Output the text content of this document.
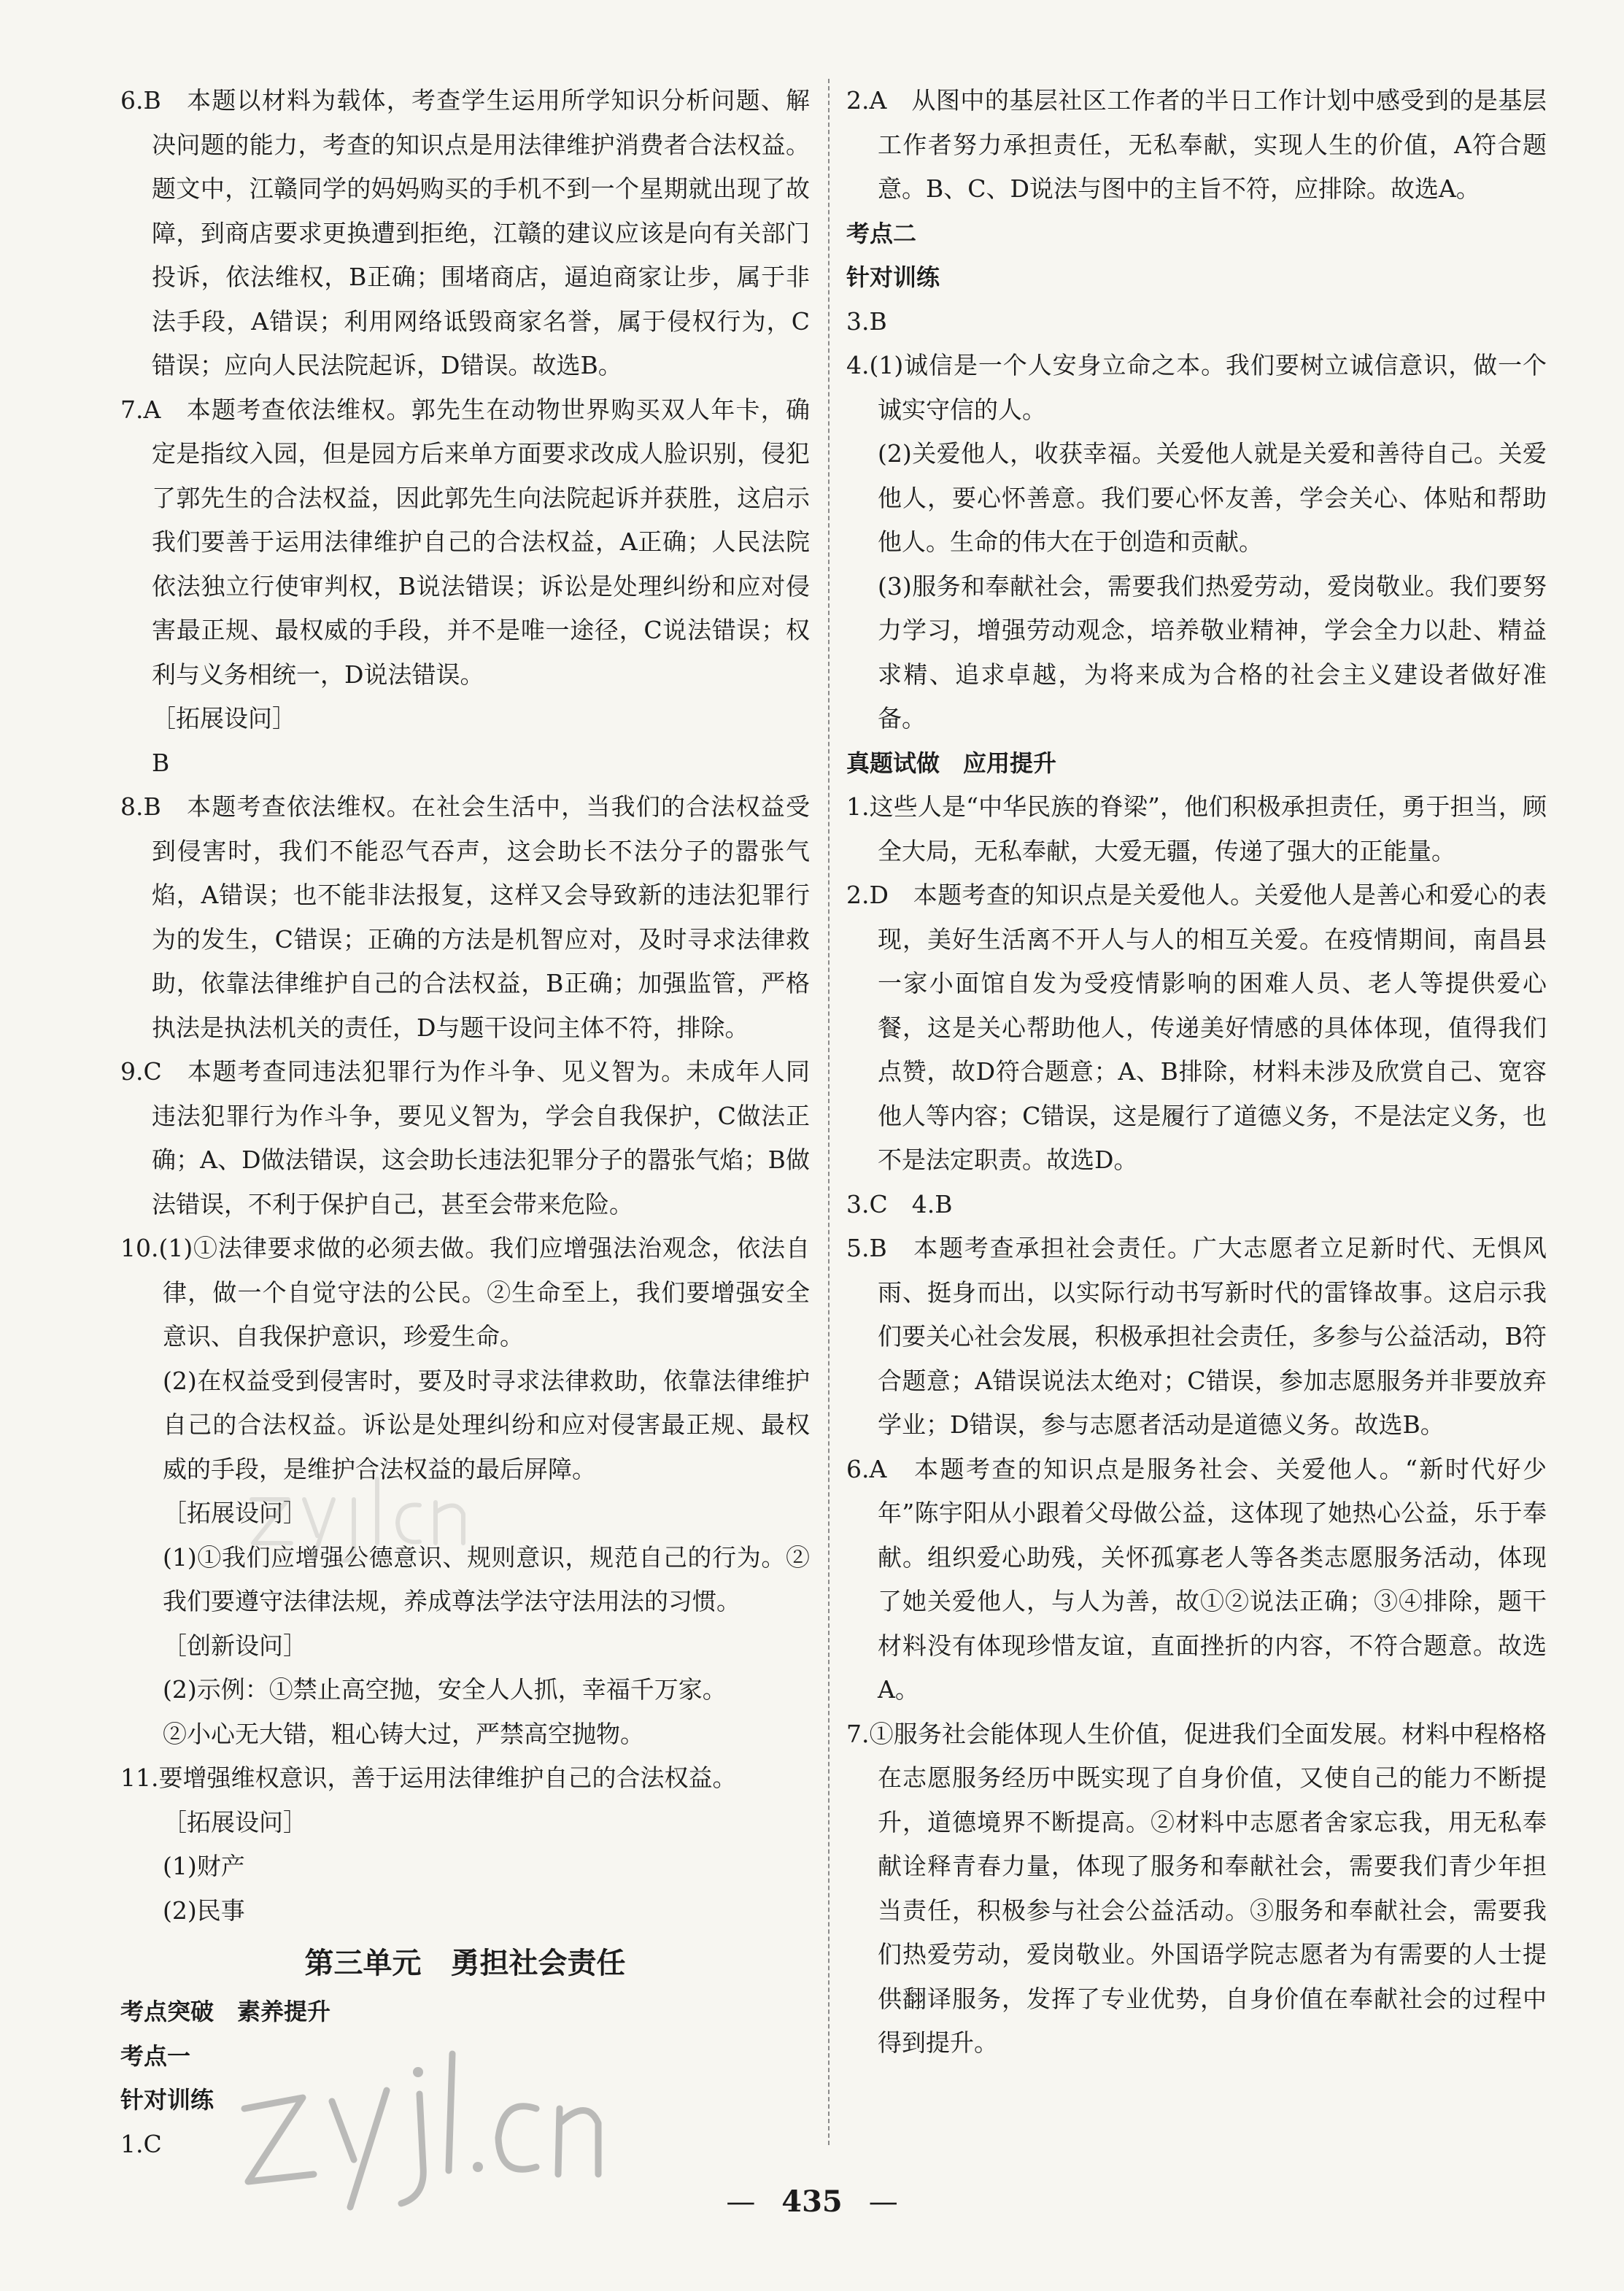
6.B　本题以材料为载体，考查学生运用所学知识分析问题、解决问题的能力，考查的知识点是用法律维护消费者合法权益。题文中，江赣同学的妈妈购买的手机不到一个星期就出现了故障，到商店要求更换遭到拒绝，江赣的建议应该是向有关部门投诉，依法维权，B正确；围堵商店，逼迫商家让步，属于非法手段，A错误；利用网络诋毁商家名誉，属于侵权行为，C错误；应向人民法院起诉，D错误。故选B。

7.A　本题考查依法维权。郭先生在动物世界购买双人年卡，确定是指纹入园，但是园方后来单方面要求改成人脸识别，侵犯了郭先生的合法权益，因此郭先生向法院起诉并获胜，这启示我们要善于运用法律维护自己的合法权益，A正确；人民法院依法独立行使审判权，B说法错误；诉讼是处理纠纷和应对侵害最正规、最权威的手段，并不是唯一途径，C说法错误；权利与义务相统一，D说法错误。

［拓展设问］

B

8.B　本题考查依法维权。在社会生活中，当我们的合法权益受到侵害时，我们不能忍气吞声，这会助长不法分子的嚣张气焰，A错误；也不能非法报复，这样又会导致新的违法犯罪行为的发生，C错误；正确的方法是机智应对，及时寻求法律救助，依靠法律维护自己的合法权益，B正确；加强监管，严格执法是执法机关的责任，D与题干设问主体不符，排除。

9.C　本题考查同违法犯罪行为作斗争、见义智为。未成年人同违法犯罪行为作斗争，要见义智为，学会自我保护，C做法正确；A、D做法错误，这会助长违法犯罪分子的嚣张气焰；B做法错误，不利于保护自己，甚至会带来危险。

10.(1)①法律要求做的必须去做。我们应增强法治观念，依法自律，做一个自觉守法的公民。②生命至上，我们要增强安全意识、自我保护意识，珍爱生命。

(2)在权益受到侵害时，要及时寻求法律救助，依靠法律维护自己的合法权益。诉讼是处理纠纷和应对侵害最正规、最权威的手段，是维护合法权益的最后屏障。

［拓展设问］

(1)①我们应增强公德意识、规则意识，规范自己的行为。②我们要遵守法律法规，养成尊法学法守法用法的习惯。

［创新设问］

(2)示例：①禁止高空抛，安全人人抓，幸福千万家。

②小心无大错，粗心铸大过，严禁高空抛物。

11.要增强维权意识，善于运用法律维护自己的合法权益。

［拓展设问］

(1)财产

(2)民事

第三单元　勇担社会责任

考点突破　素养提升

考点一

针对训练

1.C

2.A　从图中的基层社区工作者的半日工作计划中感受到的是基层工作者努力承担责任，无私奉献，实现人生的价值，A符合题意。B、C、D说法与图中的主旨不符，应排除。故选A。

考点二

针对训练

3.B

4.(1)诚信是一个人安身立命之本。我们要树立诚信意识，做一个诚实守信的人。

(2)关爱他人，收获幸福。关爱他人就是关爱和善待自己。关爱他人，要心怀善意。我们要心怀友善，学会关心、体贴和帮助他人。生命的伟大在于创造和贡献。

(3)服务和奉献社会，需要我们热爱劳动，爱岗敬业。我们要努力学习，增强劳动观念，培养敬业精神，学会全力以赴、精益求精、追求卓越，为将来成为合格的社会主义建设者做好准备。

真题试做　应用提升

1.这些人是“中华民族的脊梁”，他们积极承担责任，勇于担当，顾全大局，无私奉献，大爱无疆，传递了强大的正能量。

2.D　本题考查的知识点是关爱他人。关爱他人是善心和爱心的表现，美好生活离不开人与人的相互关爱。在疫情期间，南昌县一家小面馆自发为受疫情影响的困难人员、老人等提供爱心餐，这是关心帮助他人，传递美好情感的具体体现，值得我们点赞，故D符合题意；A、B排除，材料未涉及欣赏自己、宽容他人等内容；C错误，这是履行了道德义务，不是法定义务，也不是法定职责。故选D。

3.C　4.B

5.B　本题考查承担社会责任。广大志愿者立足新时代、无惧风雨、挺身而出，以实际行动书写新时代的雷锋故事。这启示我们要关心社会发展，积极承担社会责任，多参与公益活动，B符合题意；A错误说法太绝对；C错误，参加志愿服务并非要放弃学业；D错误，参与志愿者活动是道德义务。故选B。

6.A　本题考查的知识点是服务社会、关爱他人。“新时代好少年”陈宇阳从小跟着父母做公益，这体现了她热心公益，乐于奉献。组织爱心助残，关怀孤寡老人等各类志愿服务活动，体现了她关爱他人，与人为善，故①②说法正确；③④排除，题干材料没有体现珍惜友谊，直面挫折的内容，不符合题意。故选A。

7.①服务社会能体现人生价值，促进我们全面发展。材料中程格格在志愿服务经历中既实现了自身价值，又使自己的能力不断提升，道德境界不断提高。②材料中志愿者舍家忘我，用无私奉献诠释青春力量，体现了服务和奉献社会，需要我们青少年担当责任，积极参与社会公益活动。③服务和奉献社会，需要我们热爱劳动，爱岗敬业。外国语学院志愿者为有需要的人士提供翻译服务，发挥了专业优势，自身价值在奉献社会的过程中得到提升。

— 435 —
